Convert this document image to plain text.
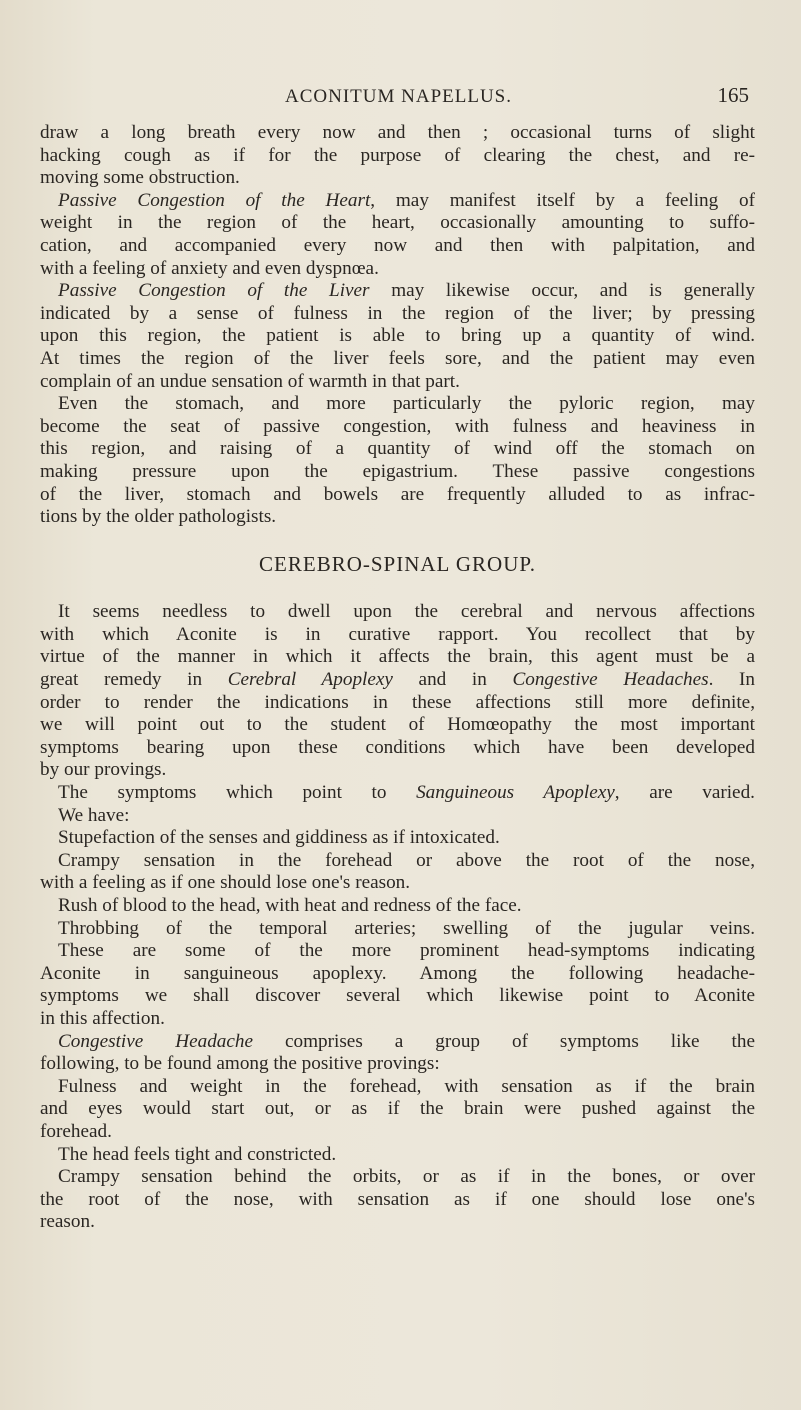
ACONITUM NAPELLUS.	165
draw a long breath every now and then ; occasional turns of slight
hacking cough as if for the purpose of clearing the chest, and re-
moving some obstruction.
Passive Congestion of the Heart, may manifest itself by a feeling of
weight in the region of the heart, occasionally amounting to suffo-
cation, and accompanied every now and then with palpitation, and
with a feeling of anxiety and even dyspnœa.
Passive Congestion of the Liver may likewise occur, and is generally
indicated by a sense of fulness in the region of the liver; by pressing
upon this region, the patient is able to bring up a quantity of wind.
At times the region of the liver feels sore, and the patient may even
complain of an undue sensation of warmth in that part.
Even the stomach, and more particularly the pyloric region, may
become the seat of passive congestion, with fulness and heaviness in
this region, and raising of a quantity of wind off the stomach on
making pressure upon the epigastrium. These passive congestions
of the liver, stomach and bowels are frequently alluded to as infrac-
tions by the older pathologists.
CEREBRO-SPINAL GROUP.
It seems needless to dwell upon the cerebral and nervous affections
with which Aconite is in curative rapport. You recollect that by
virtue of the manner in which it affects the brain, this agent must be a
great remedy in Cerebral Apoplexy and in Congestive Headaches. In
order to render the indications in these affections still more definite,
we will point out to the student of Homœopathy the most important
symptoms bearing upon these conditions which have been developed
by our provings.
The symptoms which point to Sanguineous Apoplexy, are varied.
We have:
Stupefaction of the senses and giddiness as if intoxicated.
Crampy sensation in the forehead or above the root of the nose,
with a feeling as if one should lose one's reason.
Rush of blood to the head, with heat and redness of the face.
Throbbing of the temporal arteries; swelling of the jugular veins.
These are some of the more prominent head-symptoms indicating
Aconite in sanguineous apoplexy. Among the following headache-
symptoms we shall discover several which likewise point to Aconite
in this affection.
Congestive Headache comprises a group of symptoms like the
following, to be found among the positive provings:
Fulness and weight in the forehead, with sensation as if the brain
and eyes would start out, or as if the brain were pushed against the
forehead.
The head feels tight and constricted.
Crampy sensation behind the orbits, or as if in the bones, or over
the root of the nose, with sensation as if one should lose one's
reason.
